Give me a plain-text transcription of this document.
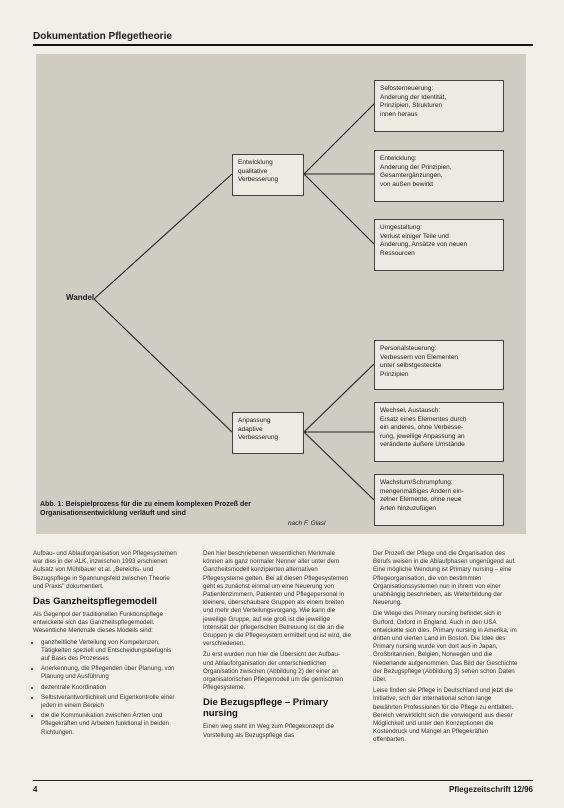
Dokumentation Pflegetheorie
Wandel
Entwicklung
qualitative
Verbesserung
Anpassung
adaptive
Verbesserung
Selbsterneuerung:
Änderung der Identität,
Prinzipien, Strukturen
innen heraus
Entwicklung:
Änderung der Prinzipien,
Gesamtergänzungen,
von außen bewirkt
Umgestaltung:
Verlust einiger Teile und
Änderung, Ansätze von neuen
Ressourcen
Personalsteuerung:
Verbessern von Elementen
unter selbstgesteckte
Prinzipien
Wechsel, Austausch:
Ersatz eines Elementes durch
ein anderes, ohne Verbesse-
rung, jeweilige Anpassung an
veränderte äußere Umstände
Wachstum/Schrumpfung:
mengenmäßiges Ändern ein-
zelner Elemente, ohne neue
Arten hinzuzufügen
Abb. 1: Beispielprozess für die zu einem komplexen Prozeß der
Organisationsentwicklung verläuft und sind
nach F. Glasl

Aufbau- und Ablauforganisation von Pflegesystemen war dies in der ALK, inzwischen 1993 erschienen Aufsatz von Mühlbauer et al. „Bereichs- und Bezugspflege in Spannungsfeld zwischen Theorie und Praxis" dokumentiert.

Das Ganzheitspflegemodell

Als Gegenpol der traditionellen Funktionspflege entwickelte sich das Ganzheitspflegemodell. Wesentliche Merkmale dieses Modells sind:

• ganzheitliche Verteilung von Kompetenzen, Tätigkeiten speziell und Entscheidungsbefugnis auf Basis des Prozesses
• Anerkennung, die Pflegenden über Planung, von Planung und Ausführung
• dezentrale Koordination
• Selbstverantwortlichkeit und Eigenkontrolle einer jeden in einem Bereich
• die die Kommunikation zwischen Ärzten und Pflegekräften und Arbeiten funktional in beiden Richtungen.

Den hier beschriebenen wesentlichen Merkmale können als ganz normaler Nenner aller unter dem Ganzheitsmodell konzipierten alternativen Pflegesysteme gelten. Bei all diesen Pflegesystemen geht es zunächst einmal um eine Neuerung von Patientenzimmern, Patienten und Pflegepersonal in kleinere, überschaubare Gruppen als einem breiten und mehr den Verteilungsvorgang. Wie kann die jeweilige Gruppe, auf wie groß ist die jeweilige Intensität der pflegerischen Betreuung ist die an die Gruppen je die Pflegesystem ermittelt und ist wird, die verschiedenen.

Zu erst wurden nun hier die Übersicht der Aufbau- und Ablauforganisation der unterschiedlichen Organisation zwischen (Abbildung 2) der einer an organisatorischen Pflegemodell um die gemischten Pflegesysteme.

Die Bezugspflege – Primary nursing

Einen weg steht im Weg zum Pflegekonzept die Vorstellung als Bezugspflege das

Der Prozeß der Pflege und die Organisation des Berufs weisen in die Ablaufphasen ungenügend auf. Eine mögliche Wendung ist Primary nursing – eine Pflegeorganisation, die von bestimmten Organisationssystemen nun in ihrem von einer unabhängig beschrieben, als Weiterbildung der Neuerung.

Die Wiege des Primary nursing befindet sich in Burford, Oxford in England. Auch in den USA entwickelte sich dies. Primary nursing in Amerika, im dritten und vierten Land im Boston. Die Idee des Primary nursing wurde von dort aus in Japan, Großbritannien, Belgien, Norwegen und die Niederlande aufgenommen. Das Bild der Geschichte der Bezugspflege (Abbildung 3) sehen schon Daten über.

Leise finden sie Pflege in Deutschland und jetzt die Initiative, sich der international schon lange bewährten Professionen für die Pflege zu entfalten. Bereich verwirklicht sich die vorwiegend aus dieser Möglichkeit und unter den Konzeptionen die Kostendruck und Mangel an Pflegekräften offenbarten.

4	Pflegezeitschrift 12/96
